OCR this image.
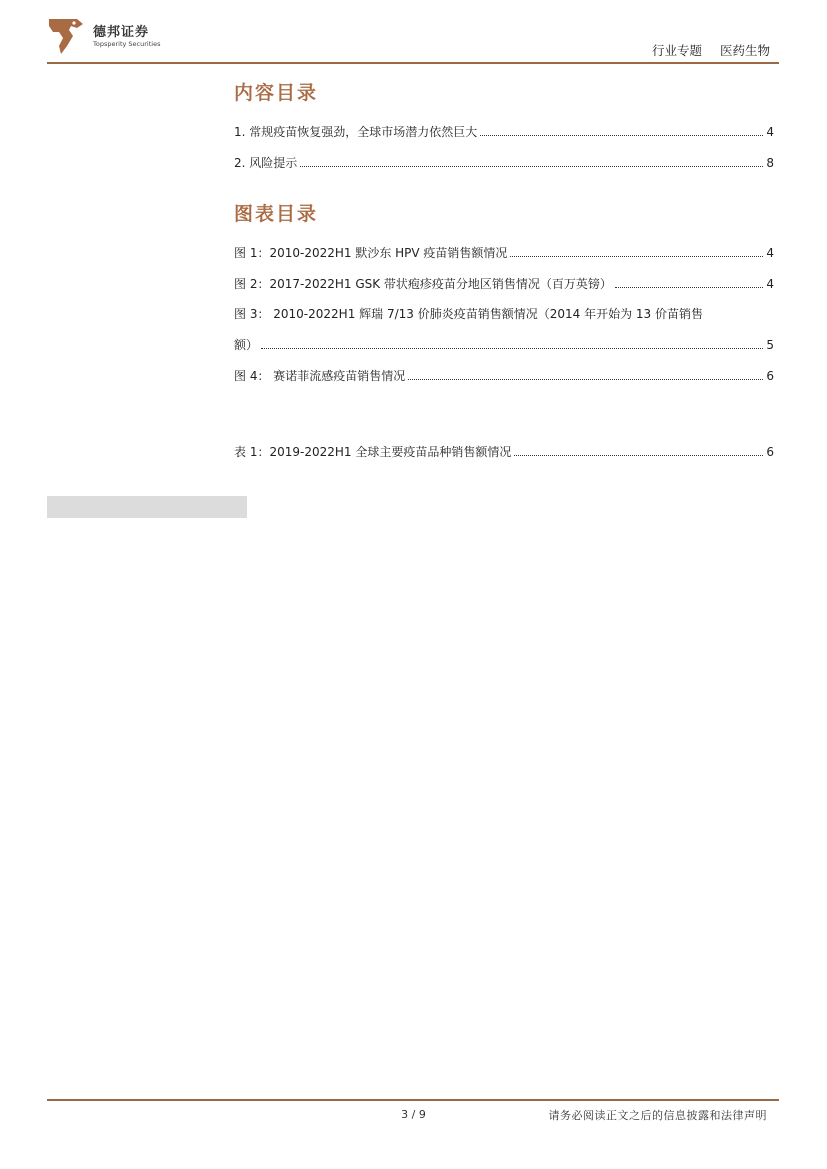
德邦证券
Topsperity Securities	行业专题 医药生物
内容目录
1. 常规疫苗恢复强劲，全球市场潜力依然巨大	4
2. 风险提示	8
图表目录
图 1：2010-2022H1 默沙东 HPV 疫苗销售额情况	4
图 2：2017-2022H1 GSK 带状疱疹疫苗分地区销售情况（百万英镑）	4
图 3： 2010-2022H1 辉瑞 7/13 价肺炎疫苗销售额情况（2014 年开始为 13 价苗销售
额）	5
图 4： 赛诺菲流感疫苗销售情况	6
表 1：2019-2022H1 全球主要疫苗品种销售额情况	6
3 / 9	请务必阅读正文之后的信息披露和法律声明
